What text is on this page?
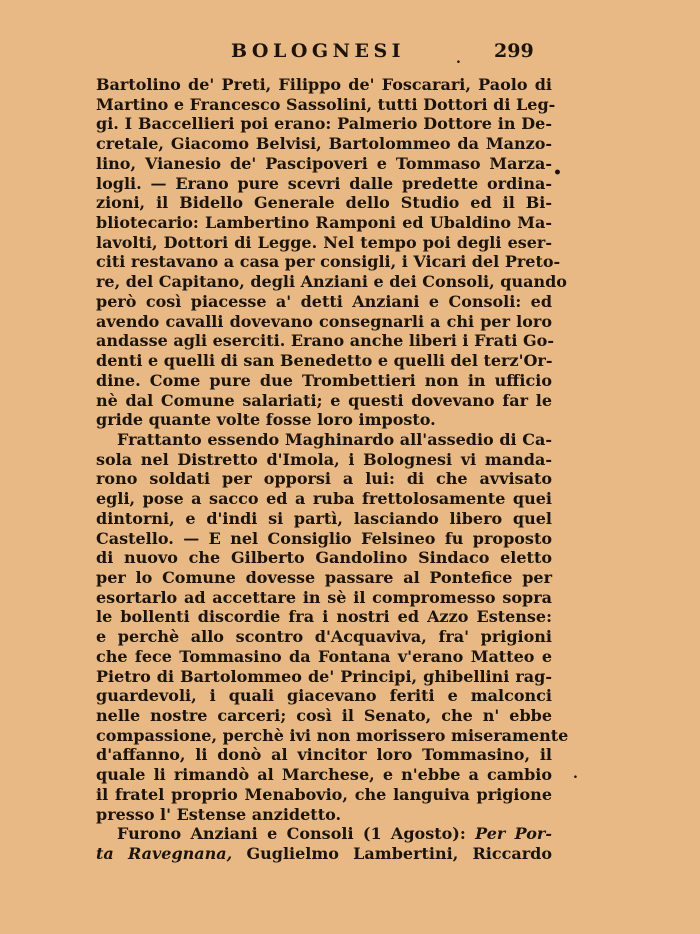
BOLOGNESI	299
Bartolino de' Preti, Filippo de' Foscarari, Paolo di
Martino e Francesco Sassolini, tutti Dottori di Leg-
gi. I Baccellieri poi erano: Palmerio Dottore in De-
cretale, Giacomo Belvisi, Bartolommeo da Manzo-
lino, Vianesio de' Pascipoveri e Tommaso Marza-
logli. — Erano pure scevri dalle predette ordina-
zioni, il Bidello Generale dello Studio ed il Bi-
bliotecario: Lambertino Ramponi ed Ubaldino Ma-
lavolti, Dottori di Legge. Nel tempo poi degli eser-
citi restavano a casa per consigli, i Vicari del Preto-
re, del Capitano, degli Anziani e dei Consoli, quando
però così piacesse a' detti Anziani e Consoli: ed
avendo cavalli dovevano consegnarli a chi per loro
andasse agli eserciti. Erano anche liberi i Frati Go-
denti e quelli di san Benedetto e quelli del terz'Or-
dine. Come pure due Trombettieri non in ufficio
nè dal Comune salariati; e questi dovevano far le
gride quante volte fosse loro imposto.
Frattanto essendo Maghinardo all'assedio di Ca-
sola nel Distretto d'Imola, i Bolognesi vi manda-
rono soldati per opporsi a lui: di che avvisato
egli, pose a sacco ed a ruba frettolosamente quei
dintorni, e d'indi si partì, lasciando libero quel
Castello. — E nel Consiglio Felsineo fu proposto
di nuovo che Gilberto Gandolino Sindaco eletto
per lo Comune dovesse passare al Pontefice per
esortarlo ad accettare in sè il compromesso sopra
le bollenti discordie fra i nostri ed Azzo Estense:
e perchè allo scontro d'Acquaviva, fra' prigioni
che fece Tommasino da Fontana v'erano Matteo e
Pietro di Bartolommeo de' Principi, ghibellini rag-
guardevoli, i quali giacevano feriti e malconci
nelle nostre carceri; così il Senato, che n' ebbe
compassione, perchè ivi non morissero miseramente
d'affanno, li donò al vincitor loro Tommasino, il
quale li rimandò al Marchese, e n'ebbe a cambio
il fratel proprio Menabovio, che languiva prigione
presso l' Estense anzidetto.
Furono Anziani e Consoli (1 Agosto): Per Por-
ta Ravegnana, Guglielmo Lambertini, Riccardo
•
.
.
